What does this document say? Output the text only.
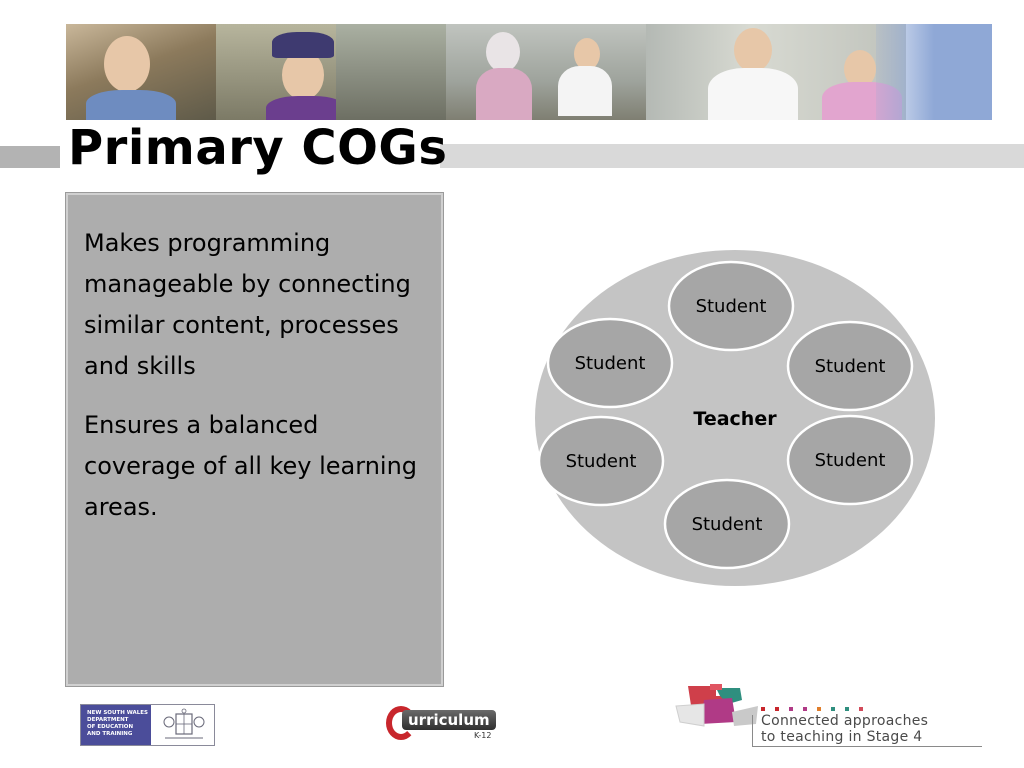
Primary COGs
Makes programming manageable by connecting similar content, processes and skills
Ensures a balanced coverage of all key learning areas.
Teacher
Student
Student	Student
Student	Student
Student
NEW SOUTH WALES
DEPARTMENT
OF EDUCATION
AND TRAINING
urriculum
K-12
Connected approaches
to teaching in Stage 4
